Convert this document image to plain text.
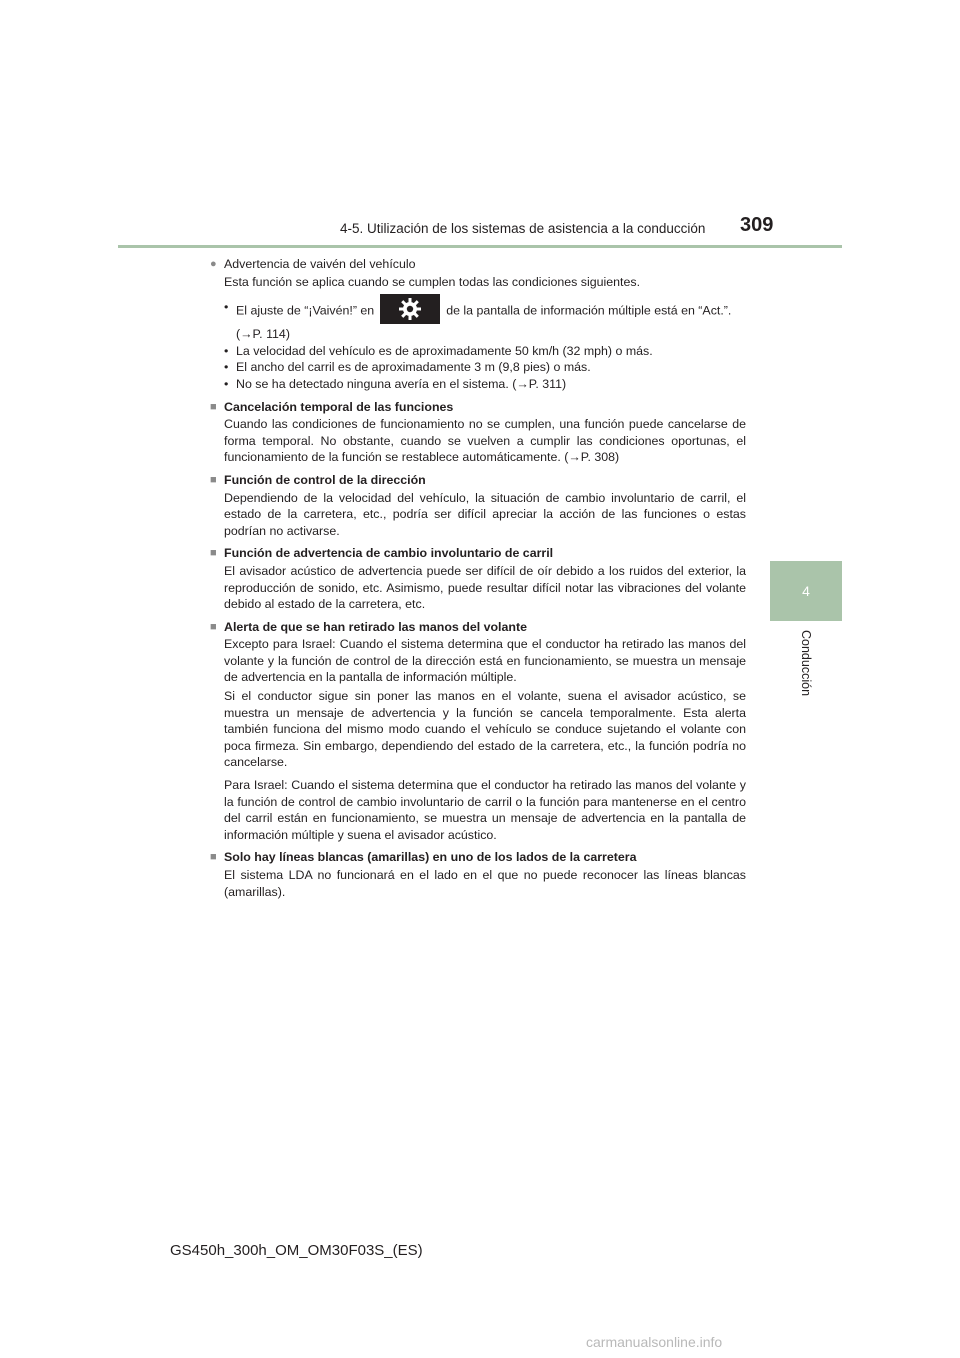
4-5. Utilización de los sistemas de asistencia a la conducción 309
4
Conducción
● Advertencia de vaivén del vehículo
Esta función se aplica cuando se cumplen todas las condiciones siguientes.
• El ajuste de “¡Vaivén!” en	de la pantalla de información múltiple está en “Act.”.
(→P. 114)
• La velocidad del vehículo es de aproximadamente 50 km/h (32 mph) o más.
• El ancho del carril es de aproximadamente 3 m (9,8 pies) o más.
• No se ha detectado ninguna avería en el sistema. (→P. 311)
■ Cancelación temporal de las funciones
Cuando las condiciones de funcionamiento no se cumplen, una función puede cancelarse de forma temporal. No obstante, cuando se vuelven a cumplir las condiciones oportunas, el funcionamiento de la función se restablece automáticamente. (→P. 308)
■ Función de control de la dirección
Dependiendo de la velocidad del vehículo, la situación de cambio involuntario de carril, el estado de la carretera, etc., podría ser difícil apreciar la acción de las funciones o estas podrían no activarse.
■ Función de advertencia de cambio involuntario de carril
El avisador acústico de advertencia puede ser difícil de oír debido a los ruidos del exterior, la reproducción de sonido, etc. Asimismo, puede resultar difícil notar las vibraciones del volante debido al estado de la carretera, etc.
■ Alerta de que se han retirado las manos del volante
Excepto para Israel: Cuando el sistema determina que el conductor ha retirado las manos del volante y la función de control de la dirección está en funcionamiento, se muestra un mensaje de advertencia en la pantalla de información múltiple.
Si el conductor sigue sin poner las manos en el volante, suena el avisador acústico, se muestra un mensaje de advertencia y la función se cancela temporalmente. Esta alerta también funciona del mismo modo cuando el vehículo se conduce sujetando el volante con poca firmeza. Sin embargo, dependiendo del estado de la carretera, etc., la función podría no cancelarse.
Para Israel: Cuando el sistema determina que el conductor ha retirado las manos del volante y la función de control de cambio involuntario de carril o la función para mantenerse en el centro del carril están en funcionamiento, se muestra un mensaje de advertencia en la pantalla de información múltiple y suena el avisador acústico.
■ Solo hay líneas blancas (amarillas) en uno de los lados de la carretera
El sistema LDA no funcionará en el lado en el que no puede reconocer las líneas blancas (amarillas).
GS450h_300h_OM_OM30F03S_(ES)
carmanualsonline.info
